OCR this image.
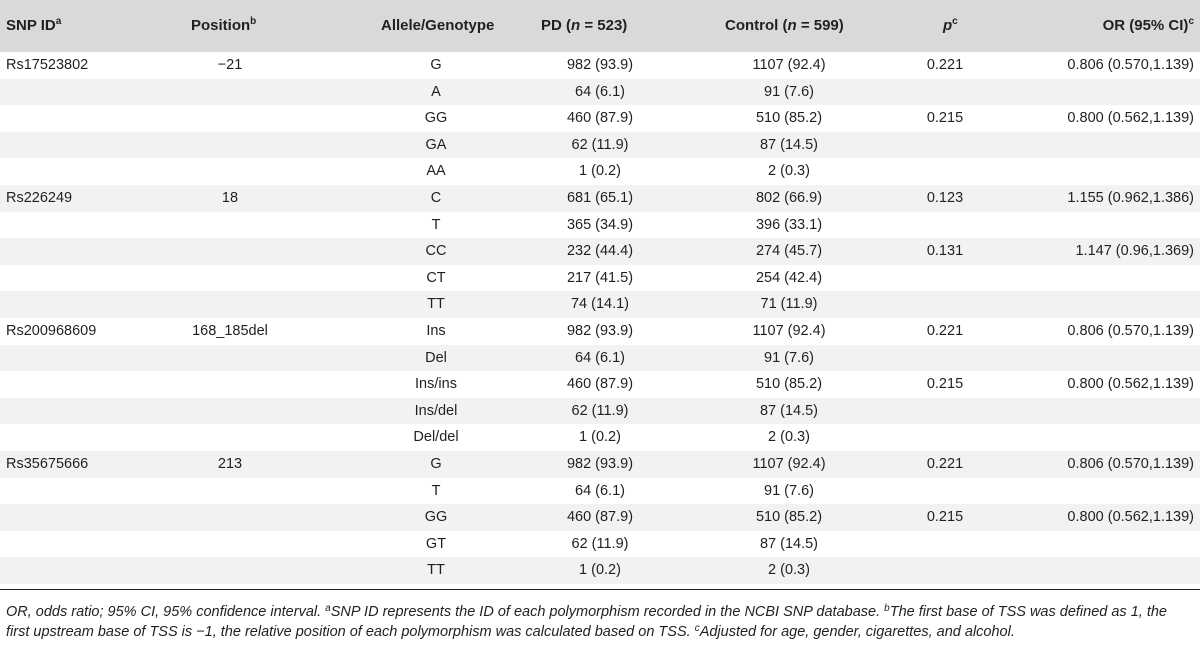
SNP $ID^a$	Position$^b$	Allele/Genotype	PD (n = 523)	Control (n = 599)	$p^c$	OR (95% CI)$^c$
Rs17523802	−21	G	982 (93.9)	1107 (92.4)	0.221	0.806 (0.570,1.139)
A	64 (6.1)	91 (7.6)
GG	460 (87.9)	510 (85.2)	0.215	0.800 (0.562,1.139)
GA	62 (11.9)	87 (14.5)
AA	1 (0.2)	2 (0.3)
Rs226249	18	C	681 (65.1)	802 (66.9)	0.123	1.155 (0.962,1.386)
T	365 (34.9)	396 (33.1)
CC	232 (44.4)	274 (45.7)	0.131	1.147 (0.96,1.369)
CT	217 (41.5)	254 (42.4)
TT	74 (14.1)	71 (11.9)
Rs200968609	168_185del	Ins	982 (93.9)	1107 (92.4)	0.221	0.806 (0.570,1.139)
Del	64 (6.1)	91 (7.6)
Ins/ins	460 (87.9)	510 (85.2)	0.215	0.800 (0.562,1.139)
Ins/del	62 (11.9)	87 (14.5)
Del/del	1 (0.2)	2 (0.3)
Rs35675666	213	G	982 (93.9)	1107 (92.4)	0.221	0.806 (0.570,1.139)
T	64 (6.1)	91 (7.6)
GG	460 (87.9)	510 (85.2)	0.215	0.800 (0.562,1.139)
GT	62 (11.9)	87 (14.5)
TT	1 (0.2)	2 (0.3)
OR, odds ratio; 95% CI, 95% confidence interval. $^a$SNP ID represents the ID of each polymorphism recorded in the NCBI SNP database. $^b$The first base of TSS was defined as 1, the first upstream base of TSS is −1, the relative position of each polymorphism was calculated based on TSS. $^c$Adjusted for age, gender, cigarettes, and alcohol.
